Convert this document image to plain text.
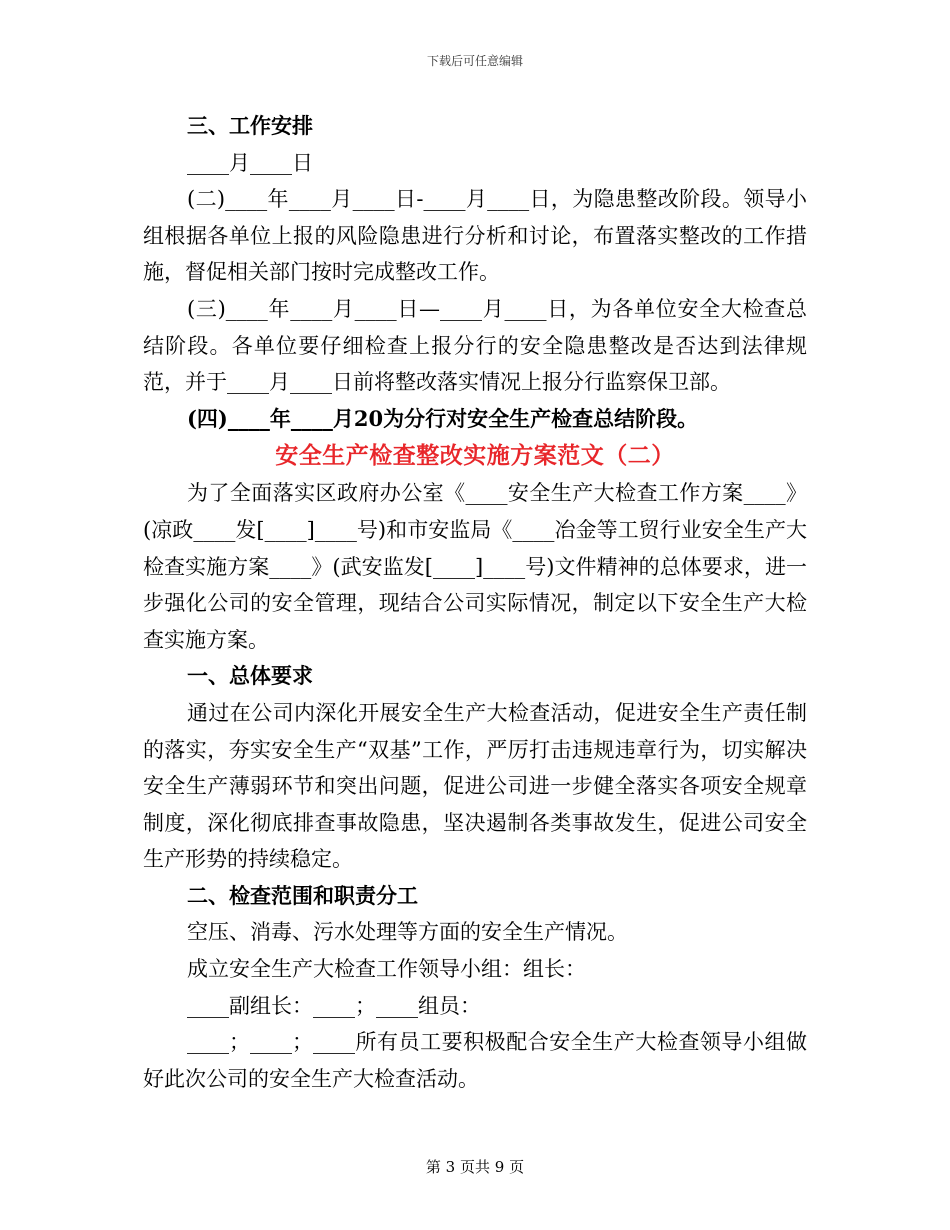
下载后可任意编辑

三、工作安排

____月____日

(二)____年____月____日-____月____日，为隐患整改阶段。领导小组根据各单位上报的风险隐患进行分析和讨论，布置落实整改的工作措施，督促相关部门按时完成整改工作。

(三)____年____月____日—____月____日，为各单位安全大检查总结阶段。各单位要仔细检查上报分行的安全隐患整改是否达到法律规范，并于____月____日前将整改落实情况上报分行监察保卫部。

(四)____年____月20为分行对安全生产检查总结阶段。

安全生产检查整改实施方案范文（二）

为了全面落实区政府办公室《____安全生产大检查工作方案____》(凉政____发[____]____号)和市安监局《____冶金等工贸行业安全生产大检查实施方案____》(武安监发[____]____号)文件精神的总体要求，进一步强化公司的安全管理，现结合公司实际情况，制定以下安全生产大检查实施方案。

一、总体要求

通过在公司内深化开展安全生产大检查活动，促进安全生产责任制的落实，夯实安全生产“双基”工作，严厉打击违规违章行为，切实解决安全生产薄弱环节和突出问题，促进公司进一步健全落实各项安全规章制度，深化彻底排查事故隐患，坚决遏制各类事故发生，促进公司安全生产形势的持续稳定。

二、检查范围和职责分工

空压、消毒、污水处理等方面的安全生产情况。

成立安全生产大检查工作领导小组：组长：

____副组长：____；____组员：

____；____；____所有员工要积极配合安全生产大检查领导小组做好此次公司的安全生产大检查活动。

第 3 页共 9 页
